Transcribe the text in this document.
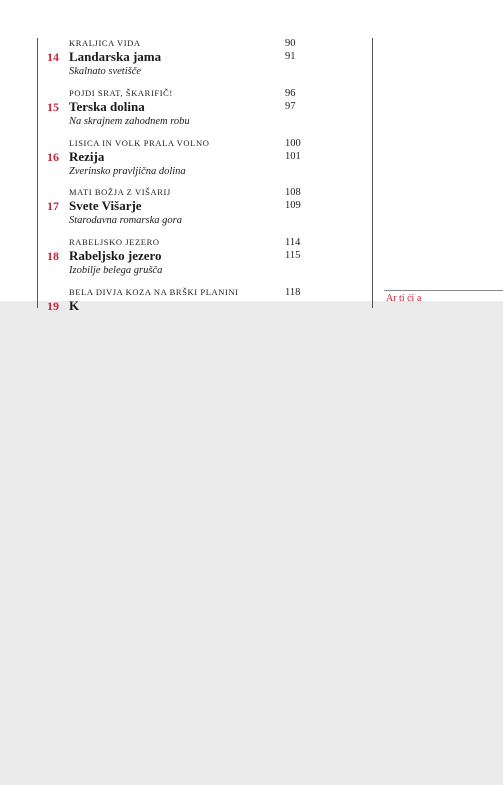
Ar ti ći a
KRALJICA VIDA
14 Landarska jama
Skalnato svetišče
90
91
POJDI SRAT, ŠKARIFIČ!
15 Terska dolina
Na skrajnem zahodnem robu
96
97
LISICA IN VOLK PRALA VOLNO
16 Rezija
Zverinsko pravljična dolina
100
101
MATI BOŽJA Z VIŠARIJ
17 Svete Višarje
Starodavna romarska gora
108
109
RABELJSKO JEZERO
18 Rabeljsko jezero
Izobilje belega grušča
114
115
BELA DIVJA KOZA NA BRŠKI PLANINI
19 K
118
